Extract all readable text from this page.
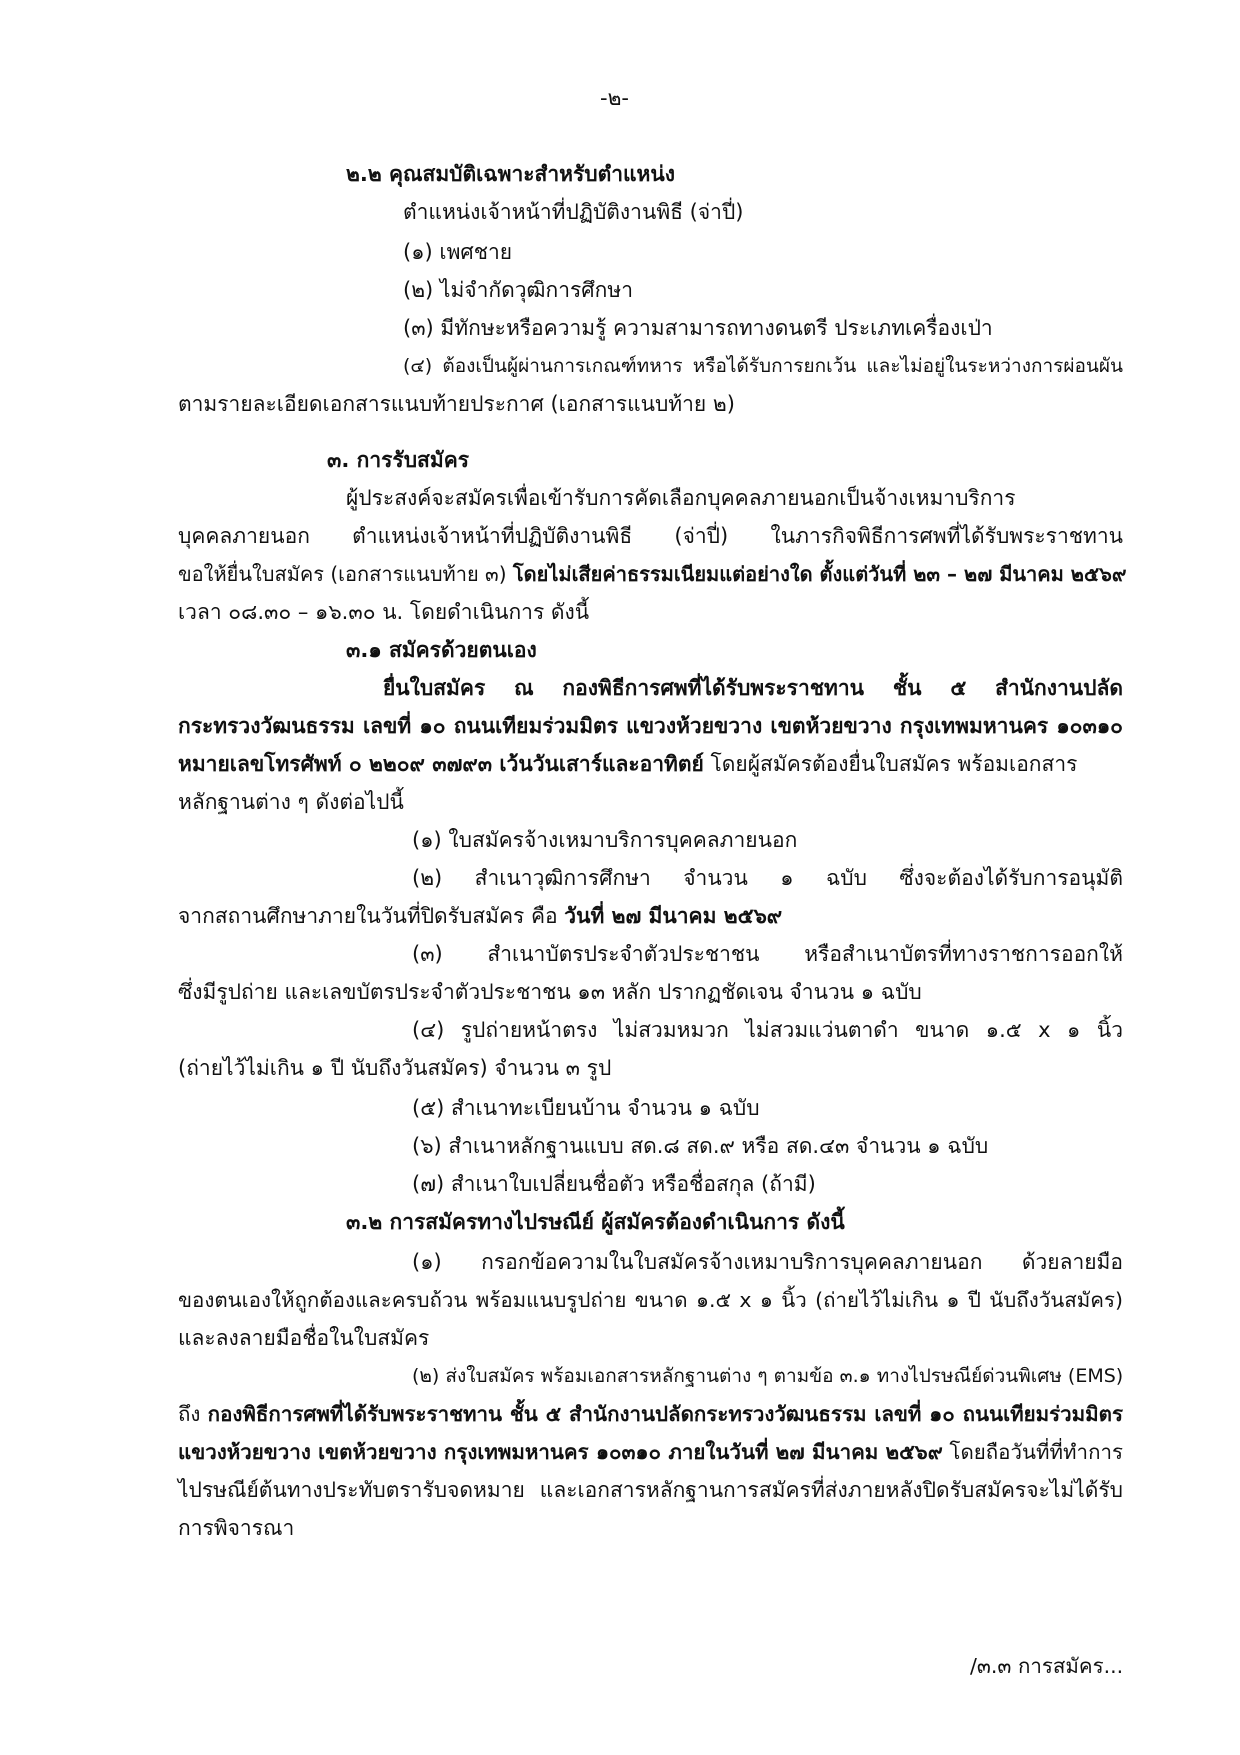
-๒-
๒.๒ คุณสมบัติเฉพาะสำหรับตำแหน่ง
ตำแหน่งเจ้าหน้าที่ปฏิบัติงานพิธี (จ่าปี่)
(๑) เพศชาย
(๒) ไม่จำกัดวุฒิการศึกษา
(๓) มีทักษะหรือความรู้ ความสามารถทางดนตรี ประเภทเครื่องเป่า
(๔) ต้องเป็นผู้ผ่านการเกณฑ์ทหาร หรือได้รับการยกเว้น และไม่อยู่ในระหว่างการผ่อนผัน
ตามรายละเอียดเอกสารแนบท้ายประกาศ (เอกสารแนบท้าย ๒)
๓. การรับสมัคร
ผู้ประสงค์จะสมัครเพื่อเข้ารับการคัดเลือกบุคคลภายนอกเป็นจ้างเหมาบริการ
บุคคลภายนอก ตำแหน่งเจ้าหน้าที่ปฏิบัติงานพิธี (จ่าปี่) ในภารกิจพิธีการศพที่ได้รับพระราชทาน
ขอให้ยื่นใบสมัคร (เอกสารแนบท้าย ๓) โดยไม่เสียค่าธรรมเนียมแต่อย่างใด ตั้งแต่วันที่ ๒๓ – ๒๗ มีนาคม ๒๕๖๙
เวลา ๐๘.๓๐ – ๑๖.๓๐ น. โดยดำเนินการ ดังนี้
๓.๑ สมัครด้วยตนเอง
ยื่นใบสมัคร ณ กองพิธีการศพที่ได้รับพระราชทาน ชั้น ๕ สำนักงานปลัด
กระทรวงวัฒนธรรม เลขที่ ๑๐ ถนนเทียมร่วมมิตร แขวงห้วยขวาง เขตห้วยขวาง กรุงเทพมหานคร ๑๐๓๑๐
หมายเลขโทรศัพท์ ๐ ๒๒๐๙ ๓๗๙๓ เว้นวันเสาร์และอาทิตย์ โดยผู้สมัครต้องยื่นใบสมัคร พร้อมเอกสาร
หลักฐานต่าง ๆ ดังต่อไปนี้
(๑) ใบสมัครจ้างเหมาบริการบุคคลภายนอก
(๒) สำเนาวุฒิการศึกษา จำนวน ๑ ฉบับ ซึ่งจะต้องได้รับการอนุมัติ
จากสถานศึกษาภายในวันที่ปิดรับสมัคร คือ วันที่ ๒๗ มีนาคม ๒๕๖๙
(๓) สำเนาบัตรประจำตัวประชาชน หรือสำเนาบัตรที่ทางราชการออกให้
ซึ่งมีรูปถ่าย และเลขบัตรประจำตัวประชาชน ๑๓ หลัก ปรากฏชัดเจน จำนวน ๑ ฉบับ
(๔) รูปถ่ายหน้าตรง ไม่สวมหมวก ไม่สวมแว่นตาดำ ขนาด ๑.๕ x ๑ นิ้ว
(ถ่ายไว้ไม่เกิน ๑ ปี นับถึงวันสมัคร) จำนวน ๓ รูป
(๕) สำเนาทะเบียนบ้าน จำนวน ๑ ฉบับ
(๖) สำเนาหลักฐานแบบ สด.๘ สด.๙ หรือ สด.๔๓ จำนวน ๑ ฉบับ
(๗) สำเนาใบเปลี่ยนชื่อตัว หรือชื่อสกุล (ถ้ามี)
๓.๒ การสมัครทางไปรษณีย์ ผู้สมัครต้องดำเนินการ ดังนี้
(๑) กรอกข้อความในใบสมัครจ้างเหมาบริการบุคคลภายนอก ด้วยลายมือ
ของตนเองให้ถูกต้องและครบถ้วน พร้อมแนบรูปถ่าย ขนาด ๑.๕ x ๑ นิ้ว (ถ่ายไว้ไม่เกิน ๑ ปี นับถึงวันสมัคร)
และลงลายมือชื่อในใบสมัคร
(๒) ส่งใบสมัคร พร้อมเอกสารหลักฐานต่าง ๆ ตามข้อ ๓.๑ ทางไปรษณีย์ด่วนพิเศษ (EMS)
ถึง กองพิธีการศพที่ได้รับพระราชทาน ชั้น ๕ สำนักงานปลัดกระทรวงวัฒนธรรม เลขที่ ๑๐ ถนนเทียมร่วมมิตร
แขวงห้วยขวาง เขตห้วยขวาง กรุงเทพมหานคร ๑๐๓๑๐ ภายในวันที่ ๒๗ มีนาคม ๒๕๖๙ โดยถือวันที่ที่ทำการ
ไปรษณีย์ต้นทางประทับตรารับจดหมาย และเอกสารหลักฐานการสมัครที่ส่งภายหลังปิดรับสมัครจะไม่ได้รับ
การพิจารณา
/๓.๓ การสมัคร...
